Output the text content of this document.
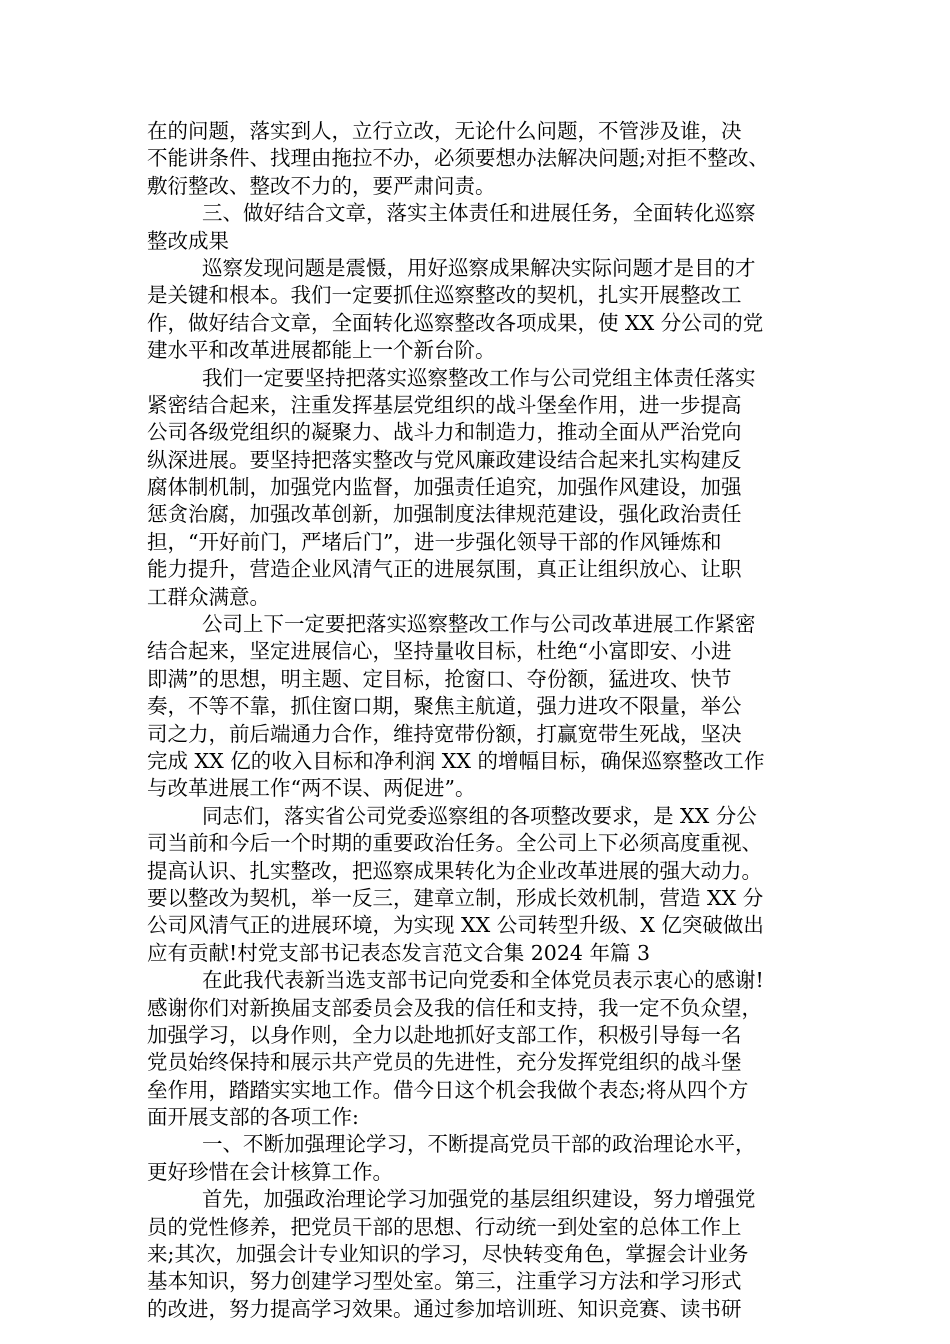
在的问题，落实到人，立行立改，无论什么问题，不管涉及谁，决
不能讲条件、找理由拖拉不办，必须要想办法解决问题;对拒不整改、
敷衍整改、整改不力的，要严肃问责。
三、做好结合文章，落实主体责任和进展任务，全面转化巡察
整改成果
巡察发现问题是震慑，用好巡察成果解决实际问题才是目的才
是关键和根本。我们一定要抓住巡察整改的契机，扎实开展整改工
作，做好结合文章，全面转化巡察整改各项成果，使 XX 分公司的党
建水平和改革进展都能上一个新台阶。
我们一定要坚持把落实巡察整改工作与公司党组主体责任落实
紧密结合起来，注重发挥基层党组织的战斗堡垒作用，进一步提高
公司各级党组织的凝聚力、战斗力和制造力，推动全面从严治党向
纵深进展。要坚持把落实整改与党风廉政建设结合起来扎实构建反
腐体制机制，加强党内监督，加强责任追究，加强作风建设，加强
惩贪治腐，加强改革创新，加强制度法律规范建设，强化政治责任
担，“开好前门，严堵后门”，进一步强化领导干部的作风锤炼和
能力提升，营造企业风清气正的进展氛围，真正让组织放心、让职
工群众满意。
公司上下一定要把落实巡察整改工作与公司改革进展工作紧密
结合起来，坚定进展信心，坚持量收目标，杜绝“小富即安、小进
即满”的思想，明主题、定目标，抢窗口、夺份额，猛进攻、快节
奏，不等不靠，抓住窗口期，聚焦主航道，强力进攻不限量，举公
司之力，前后端通力合作，维持宽带份额，打赢宽带生死战，坚决
完成 XX 亿的收入目标和净利润 XX 的增幅目标，确保巡察整改工作
与改革进展工作“两不误、两促进”。
同志们，落实省公司党委巡察组的各项整改要求，是 XX 分公
司当前和今后一个时期的重要政治任务。全公司上下必须高度重视、
提高认识、扎实整改，把巡察成果转化为企业改革进展的强大动力。
要以整改为契机，举一反三，建章立制，形成长效机制，营造 XX 分
公司风清气正的进展环境，为实现 XX 公司转型升级、X 亿突破做出
应有贡献!村党支部书记表态发言范文合集 2024 年篇 3
在此我代表新当选支部书记向党委和全体党员表示衷心的感谢!
感谢你们对新换届支部委员会及我的信任和支持，我一定不负众望，
加强学习，以身作则，全力以赴地抓好支部工作，积极引导每一名
党员始终保持和展示共产党员的先进性，充分发挥党组织的战斗堡
垒作用，踏踏实实地工作。借今日这个机会我做个表态;将从四个方
面开展支部的各项工作:
一、不断加强理论学习，不断提高党员干部的政治理论水平，
更好珍惜在会计核算工作。
首先，加强政治理论学习加强党的基层组织建设，努力增强党
员的党性修养，把党员干部的思想、行动统一到处室的总体工作上
来;其次，加强会计专业知识的学习，尽快转变角色，掌握会计业务
基本知识，努力创建学习型处室。第三，注重学习方法和学习形式
的改进，努力提高学习效果。通过参加培训班、知识竞赛、读书研
